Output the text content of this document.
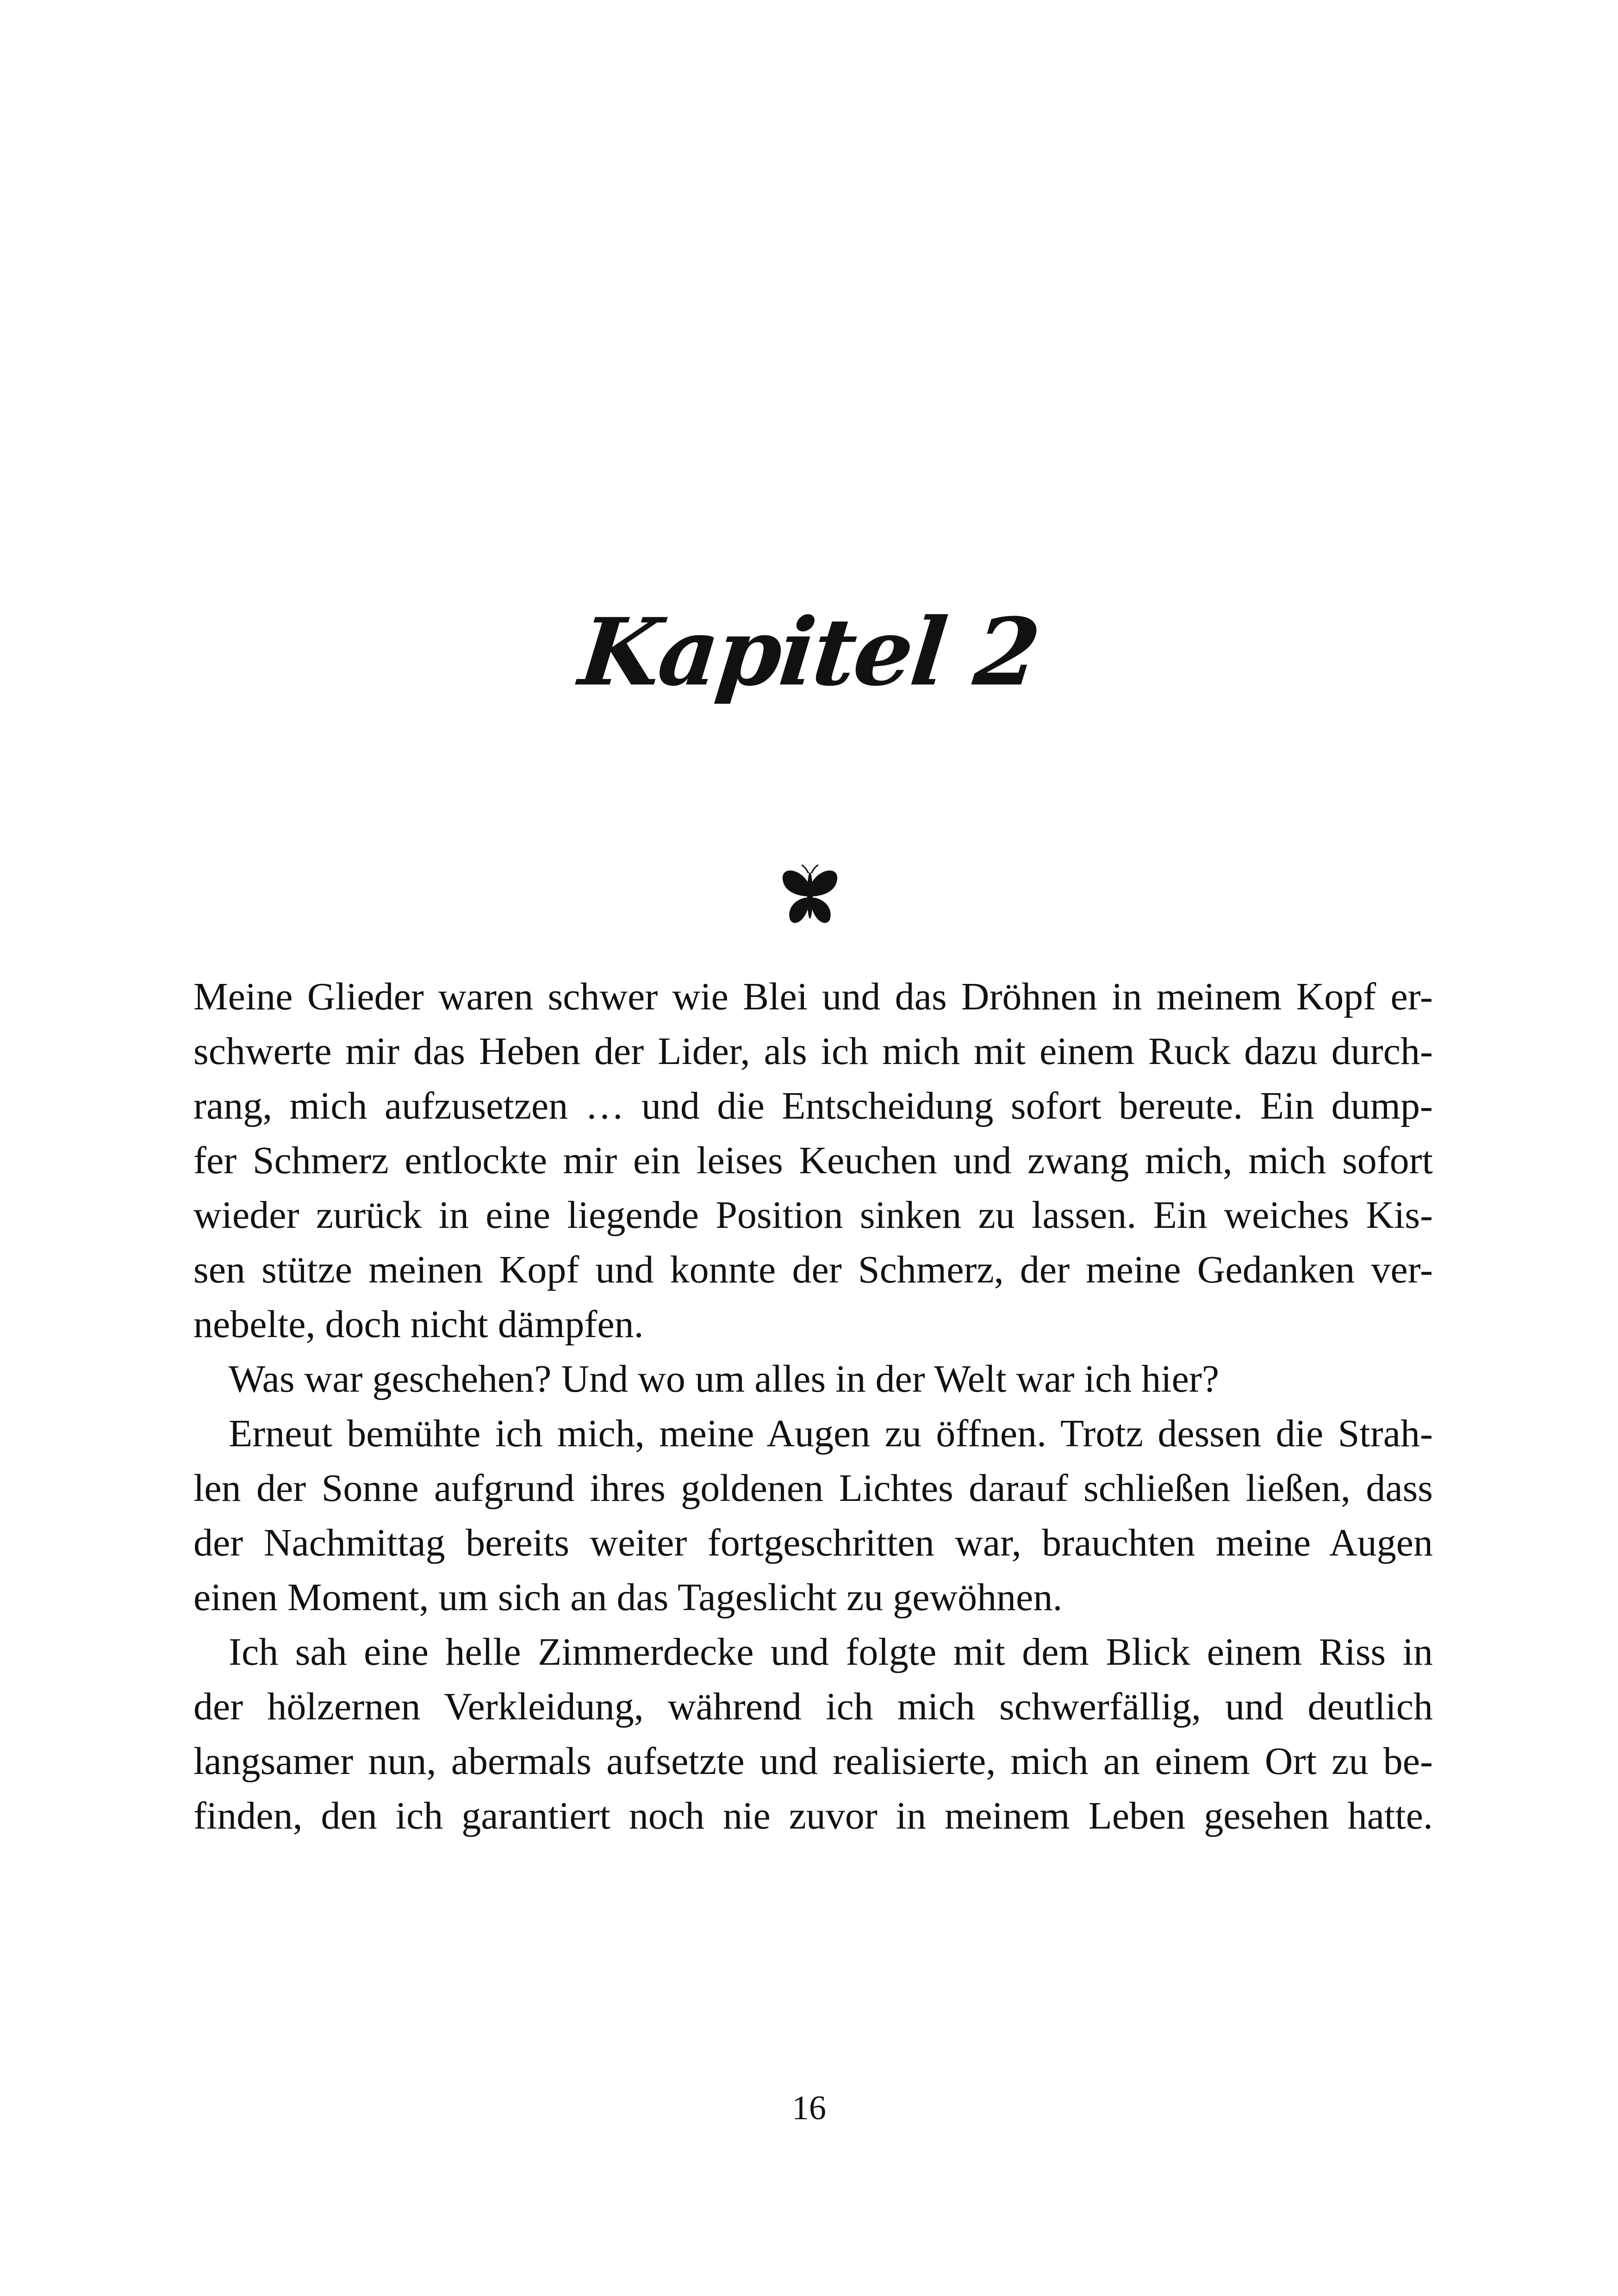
Kapitel 2
Meine Glieder waren schwer wie Blei und das Dröhnen in meinem Kopf er-
schwerte mir das Heben der Lider, als ich mich mit einem Ruck dazu durch-
rang, mich aufzusetzen … und die Entscheidung sofort bereute. Ein dump-
fer Schmerz entlockte mir ein leises Keuchen und zwang mich, mich sofort
wieder zurück in eine liegende Position sinken zu lassen. Ein weiches Kis-
sen stütze meinen Kopf und konnte der Schmerz, der meine Gedanken ver-
nebelte, doch nicht dämpfen.
Was war geschehen? Und wo um alles in der Welt war ich hier?
Erneut bemühte ich mich, meine Augen zu öffnen. Trotz dessen die Strah-
len der Sonne aufgrund ihres goldenen Lichtes darauf schließen ließen, dass
der Nachmittag bereits weiter fortgeschritten war, brauchten meine Augen
einen Moment, um sich an das Tageslicht zu gewöhnen.
Ich sah eine helle Zimmerdecke und folgte mit dem Blick einem Riss in
der hölzernen Verkleidung, während ich mich schwerfällig, und deutlich
langsamer nun, abermals aufsetzte und realisierte, mich an einem Ort zu be-
finden, den ich garantiert noch nie zuvor in meinem Leben gesehen hatte.
16
